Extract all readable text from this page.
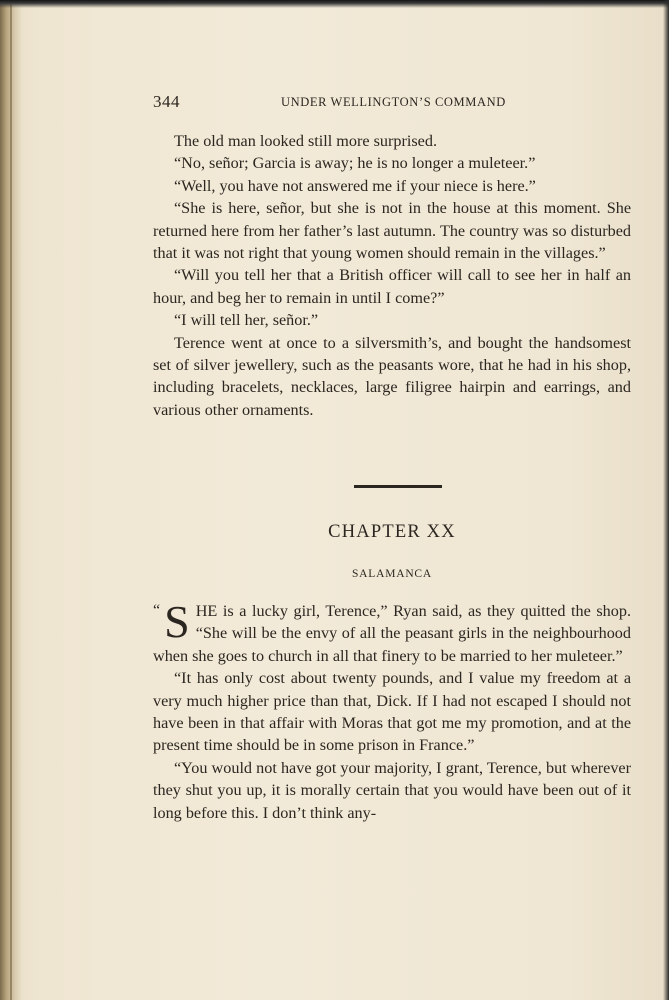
344	UNDER WELLINGTON’S COMMAND

The old man looked still more surprised.

“No, señor; Garcia is away; he is no longer a muleteer.”

“Well, you have not answered me if your niece is here.”

“She is here, señor, but she is not in the house at this moment. She returned here from her father’s last autumn. The country was so disturbed that it was not right that young women should remain in the villages.”

“Will you tell her that a British officer will call to see her in half an hour, and beg her to remain in until I come?”

“I will tell her, señor.”

Terence went at once to a silversmith’s, and bought the handsomest set of silver jewellery, such as the peasants wore, that he had in his shop, including bracelets, necklaces, large filigree hairpin and earrings, and various other ornaments.

CHAPTER XX
SALAMANCA

“ S HE is a lucky girl, Terence,” Ryan said, as they quitted the shop. “She will be the envy of all the peasant girls in the neighbourhood when she goes to church in all that finery to be married to her muleteer.”

“It has only cost about twenty pounds, and I value my freedom at a very much higher price than that, Dick. If I had not escaped I should not have been in that affair with Moras that got me my promotion, and at the present time should be in some prison in France.”

“You would not have got your majority, I grant, Terence, but wherever they shut you up, it is morally certain that you would have been out of it long before this. I don’t think any-
